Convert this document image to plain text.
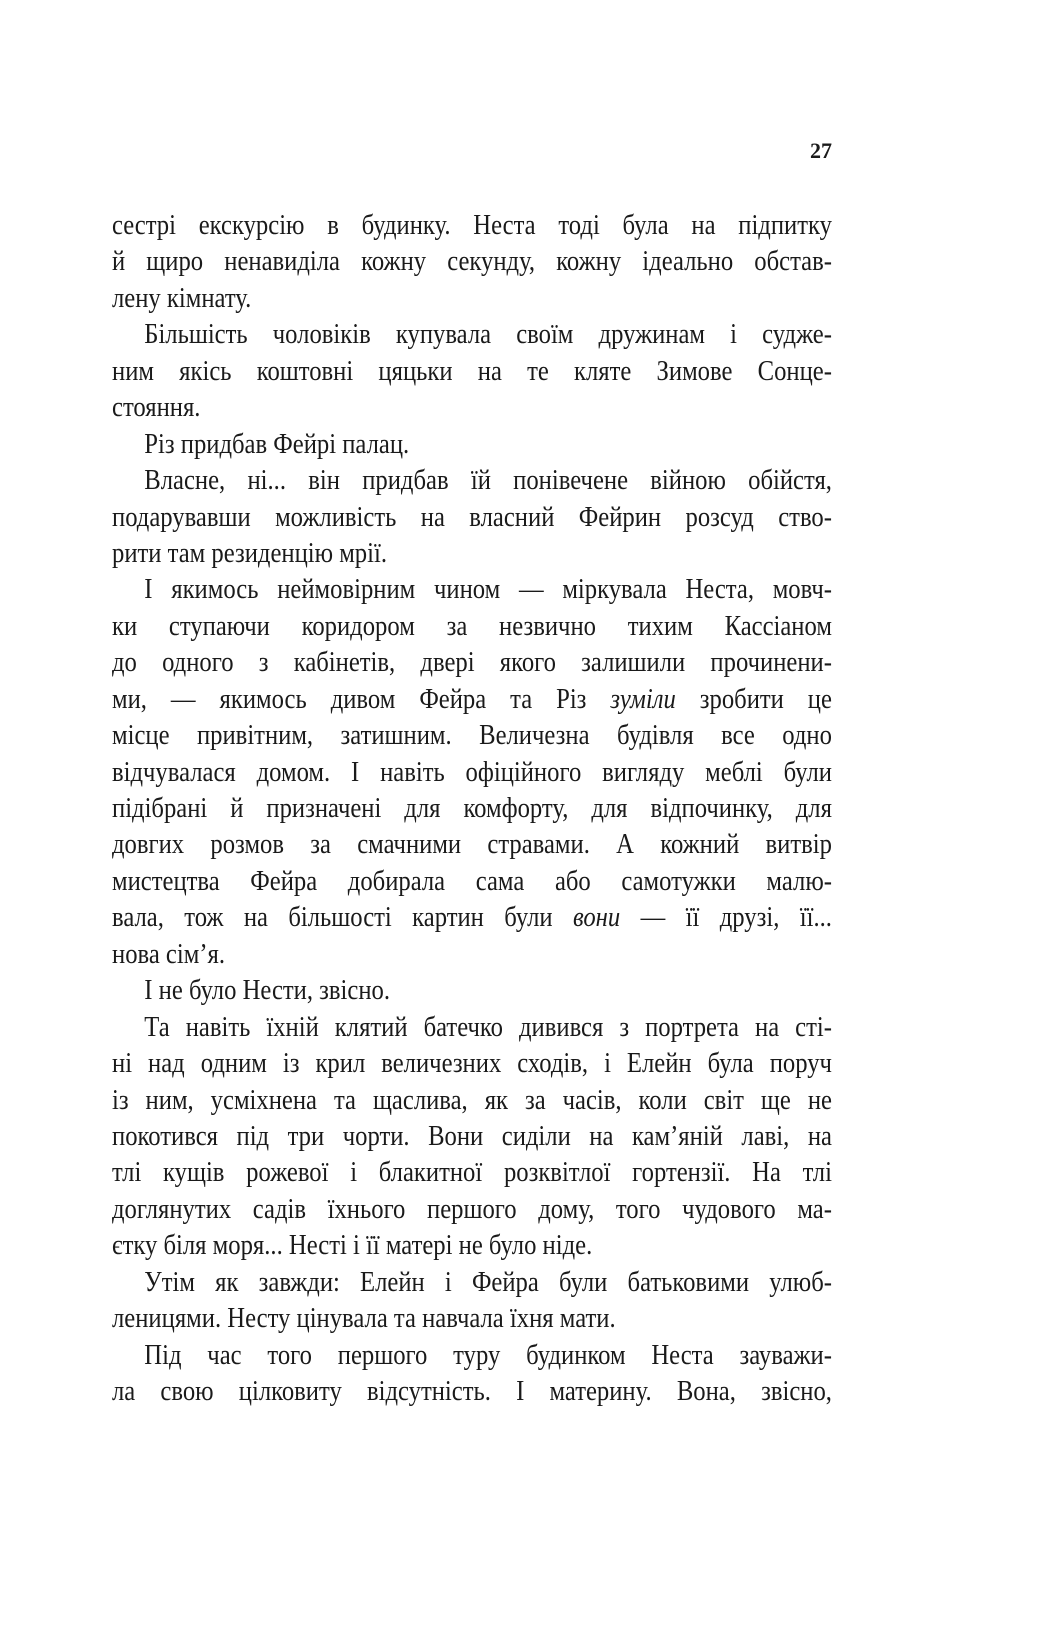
27
сестрі екскурсію в будинку. Неста тоді була на підпитку
й щиро ненавиділа кожну секунду, кожну ідеально обстав-
лену кімнату.
Більшість чоловіків купувала своїм дружинам і судже-
ним якісь коштовні цяцьки на те кляте Зимове Сонце-
стояння.
Різ придбав Фейрі палац.
Власне, ні... він придбав їй понівечене війною обійстя,
подарувавши можливість на власний Фейрин розсуд ство-
рити там резиденцію мрії.
І якимось неймовірним чином — міркувала Неста, мовч-
ки ступаючи коридором за незвично тихим Кассіаном
до одного з кабінетів, двері якого залишили прочинени-
ми, — якимось дивом Фейра та Різ зуміли зробити це
місце привітним, затишним. Величезна будівля все одно
відчувалася домом. І навіть офіційного вигляду меблі були
підібрані й призначені для комфорту, для відпочинку, для
довгих розмов за смачними стравами. А кожний витвір
мистецтва Фейра добирала сама або самотужки малю-
вала, тож на більшості картин були вони — її друзі, її...
нова сім’я.
І не було Нести, звісно.
Та навіть їхній клятий батечко дивився з портрета на сті-
ні над одним із крил величезних сходів, і Елейн була поруч
із ним, усміхнена та щаслива, як за часів, коли світ ще не
покотився під три чорти. Вони сиділи на кам’яній лаві, на
тлі кущів рожевої і блакитної розквітлої гортензії. На тлі
доглянутих садів їхнього першого дому, того чудового ма-
єтку біля моря... Несті і її матері не було ніде.
Утім як завжди: Елейн і Фейра були батьковими улюб-
леницями. Несту цінувала та навчала їхня мати.
Під час того першого туру будинком Неста зауважи-
ла свою цілковиту відсутність. І материну. Вона, звісно,
